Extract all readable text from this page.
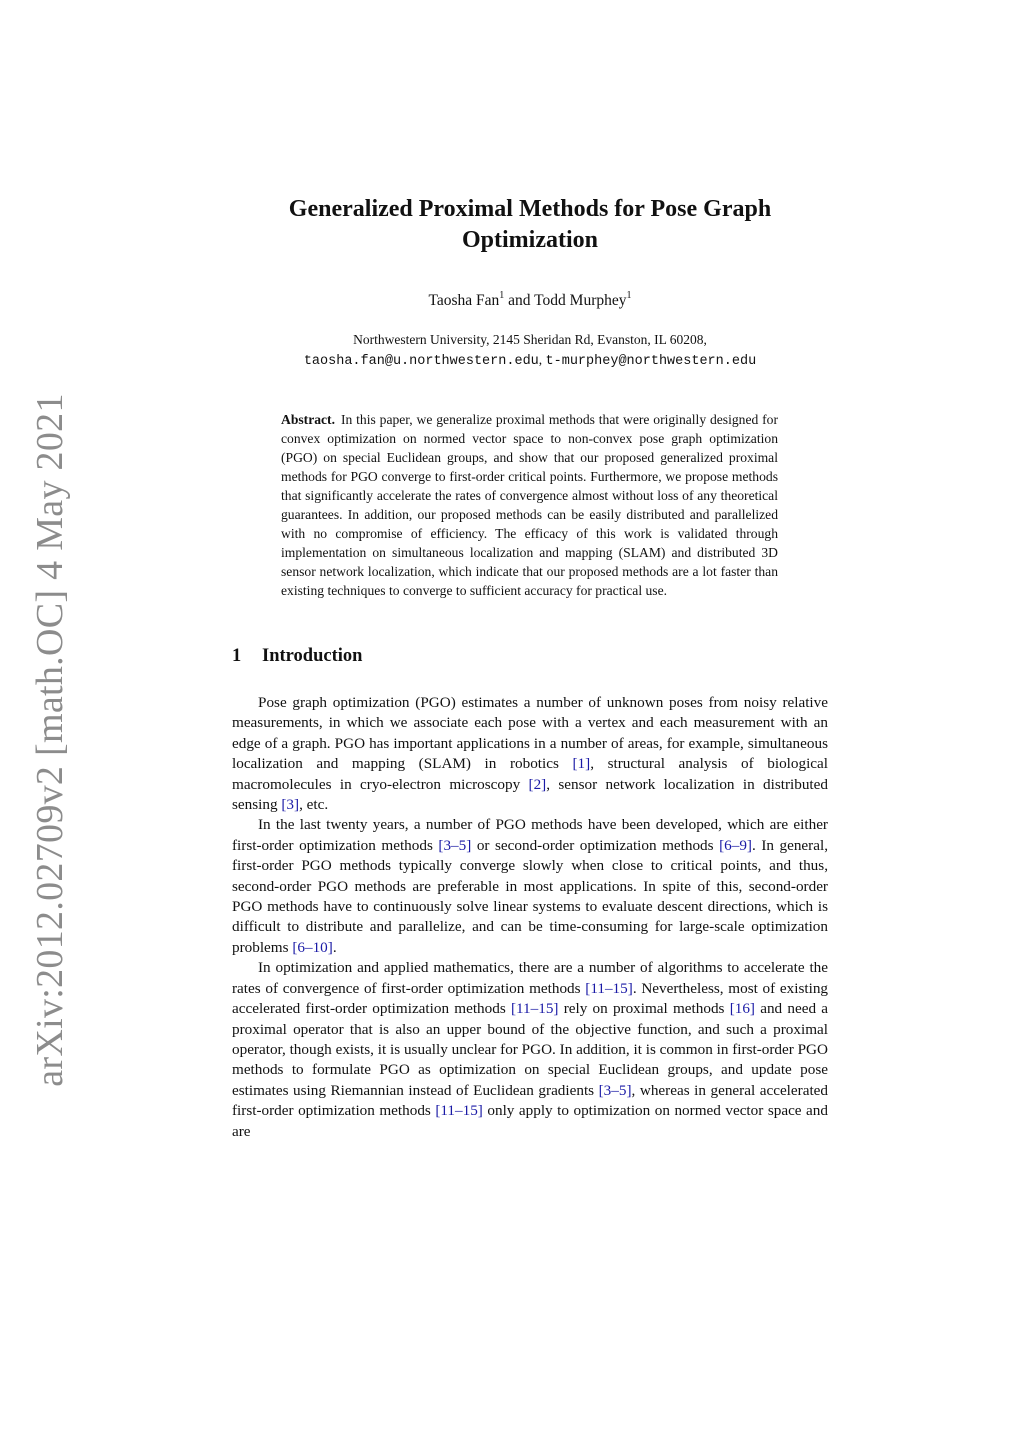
arXiv:2012.02709v2 [math.OC] 4 May 2021
Generalized Proximal Methods for Pose Graph
Optimization
Taosha Fan$^1$ and Todd Murphey$^1$
Northwestern University, 2145 Sheridan Rd, Evanston, IL 60208,
taosha.fan@u.northwestern.edu, t-murphey@northwestern.edu

Abstract. In this paper, we generalize proximal methods that were originally designed for convex optimization on normed vector space to non-convex pose graph optimization (PGO) on special Euclidean groups, and show that our proposed generalized proximal methods for PGO converge to first-order critical points. Furthermore, we propose methods that significantly accelerate the rates of convergence almost without loss of any theoretical guarantees. In addition, our proposed methods can be easily distributed and parallelized with no compromise of efficiency. The efficacy of this work is validated through implementation on simultaneous localization and mapping (SLAM) and distributed 3D sensor network localization, which indicate that our proposed methods are a lot faster than existing techniques to converge to sufficient accuracy for practical use.

1 Introduction

Pose graph optimization (PGO) estimates a number of unknown poses from noisy relative measurements, in which we associate each pose with a vertex and each measurement with an edge of a graph. PGO has important applications in a number of areas, for example, simultaneous localization and mapping (SLAM) in robotics [1], structural analysis of biological macromolecules in cryo-electron microscopy [2], sensor network localization in distributed sensing [3], etc.

In the last twenty years, a number of PGO methods have been developed, which are either first-order optimization methods [3–5] or second-order optimization methods [6–9]. In general, first-order PGO methods typically converge slowly when close to critical points, and thus, second-order PGO methods are preferable in most applications. In spite of this, second-order PGO methods have to continuously solve linear systems to evaluate descent directions, which is difficult to distribute and parallelize, and can be time-consuming for large-scale optimization problems [6–10].

In optimization and applied mathematics, there are a number of algorithms to accelerate the rates of convergence of first-order optimization methods [11–15]. Nevertheless, most of existing accelerated first-order optimization methods [11–15] rely on proximal methods [16] and need a proximal operator that is also an upper bound of the objective function, and such a proximal operator, though exists, it is usually unclear for PGO. In addition, it is common in first-order PGO methods to formulate PGO as optimization on special Euclidean groups, and update pose estimates using Riemannian instead of Euclidean gradients [3–5], whereas in general accelerated first-order optimization methods [11–15] only apply to optimization on normed vector space and are
